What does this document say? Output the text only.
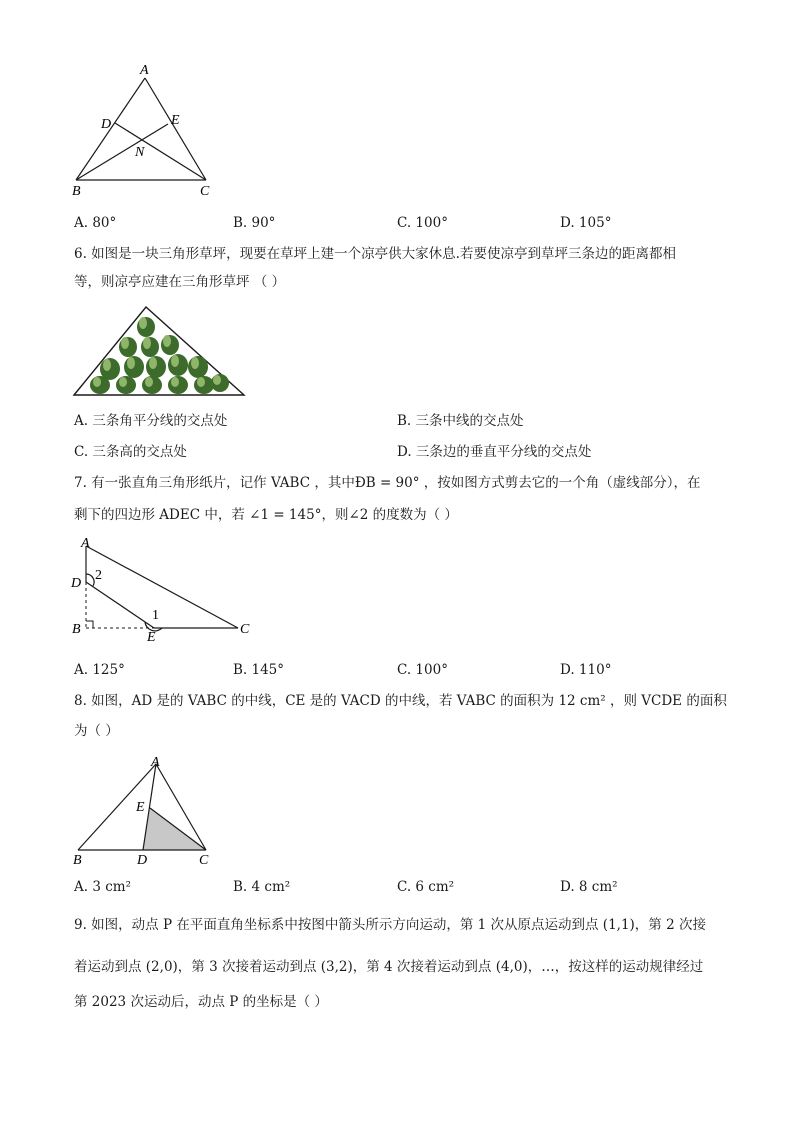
A
D	E
N
B	C
A. 80°	B. 90°	C. 100°	D. 105°
6. 如图是一块三角形草坪，现要在草坪上建一个凉亭供大家休息.若要使凉亭到草坪三条边的距离都相
等，则凉亭应建在三角形草坪 （ ）
A. 三条角平分线的交点处	B. 三条中线的交点处
C. 三条高的交点处	D. 三条边的垂直平分线的交点处
7. 有一张直角三角形纸片，记作 VABC ，其中ÐB = 90° ，按如图方式剪去它的一个角（虚线部分），在
剩下的四边形 ADEC 中，若 ∠1 = 145°，则∠2 的度数为（ ）
A
D
2
1
B
E
C
A. 125°	B. 145°	C. 100°	D. 110°
8. 如图，AD 是的 VABC 的中线，CE 是的 VACD 的中线，若 VABC 的面积为 12 cm² ，则 VCDE 的面积
为（ ）
A
E
B	D	C
A. 3 cm²	B. 4 cm²	C. 6 cm²	D. 8 cm²
9. 如图，动点 P 在平面直角坐标系中按图中箭头所示方向运动，第 1 次从原点运动到点 (1,1)，第 2 次接
着运动到点 (2,0)，第 3 次接着运动到点 (3,2)，第 4 次接着运动到点 (4,0)，…，按这样的运动规律经过
第 2023 次运动后，动点 P 的坐标是（ ）
